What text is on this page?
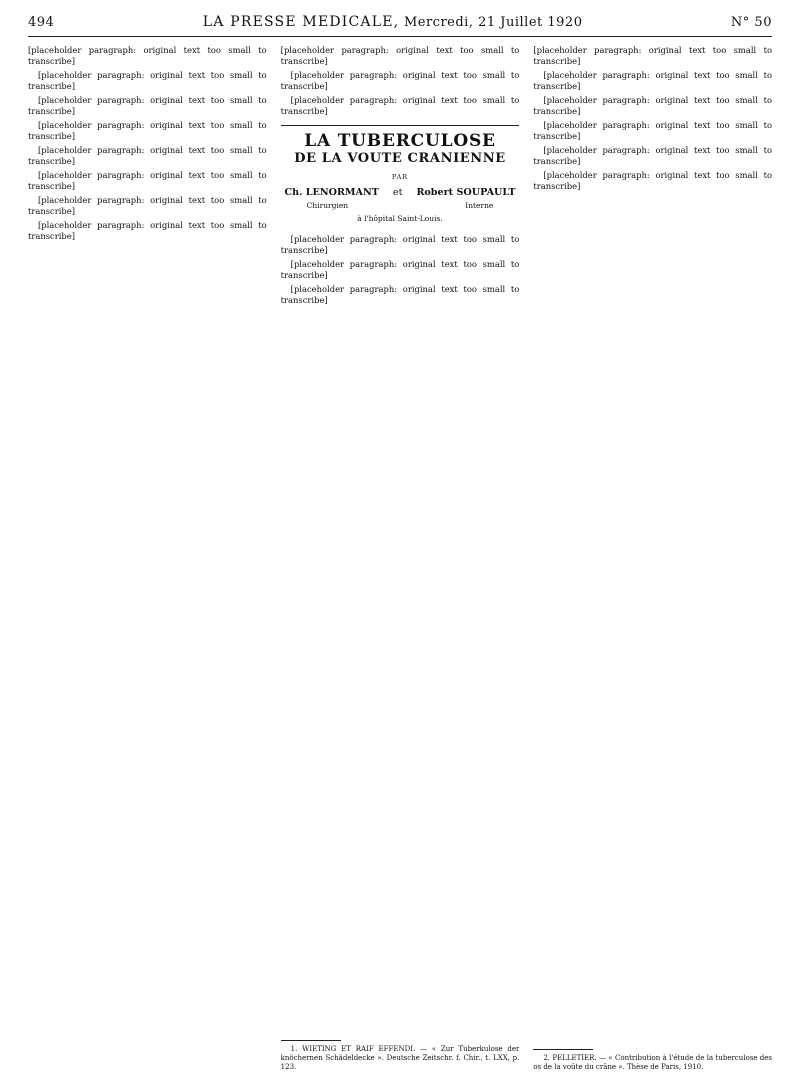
494	LA PRESSE MEDICALE, Mercredi, 21 Juillet 1920	N° 50

[placeholder paragraph: original text too small to transcribe]

[placeholder paragraph: original text too small to transcribe]

[placeholder paragraph: original text too small to transcribe]

[placeholder paragraph: original text too small to transcribe]

[placeholder paragraph: original text too small to transcribe]

[placeholder paragraph: original text too small to transcribe]

[placeholder paragraph: original text too small to transcribe]

[placeholder paragraph: original text too small to transcribe]

[placeholder paragraph: original text too small to transcribe]

[placeholder paragraph: original text too small to transcribe]

[placeholder paragraph: original text too small to transcribe]

LA TUBERCULOSE
DE LA VOUTE CRANIENNE
PAR
Ch. LENORMANT et Robert SOUPAULT
Chirurgien	Interne
à l'hôpital Saint-Louis.

[placeholder paragraph: original text too small to transcribe]

[placeholder paragraph: original text too small to transcribe]

[placeholder paragraph: original text too small to transcribe]

1. WIETING ET RAIF EFFENDI. — « Zur Tuberkulose der knöchernen Schädeldecke ». Deutsche Zeitschr. f. Chir., t. LXX, p. 123.

[placeholder paragraph: original text too small to transcribe]

[placeholder paragraph: original text too small to transcribe]

[placeholder paragraph: original text too small to transcribe]

[placeholder paragraph: original text too small to transcribe]

[placeholder paragraph: original text too small to transcribe]

[placeholder paragraph: original text too small to transcribe]

2. PELLETIER. — « Contribution à l'étude de la tuberculose des os de la voûte du crâne ». Thèse de Paris, 1910.
